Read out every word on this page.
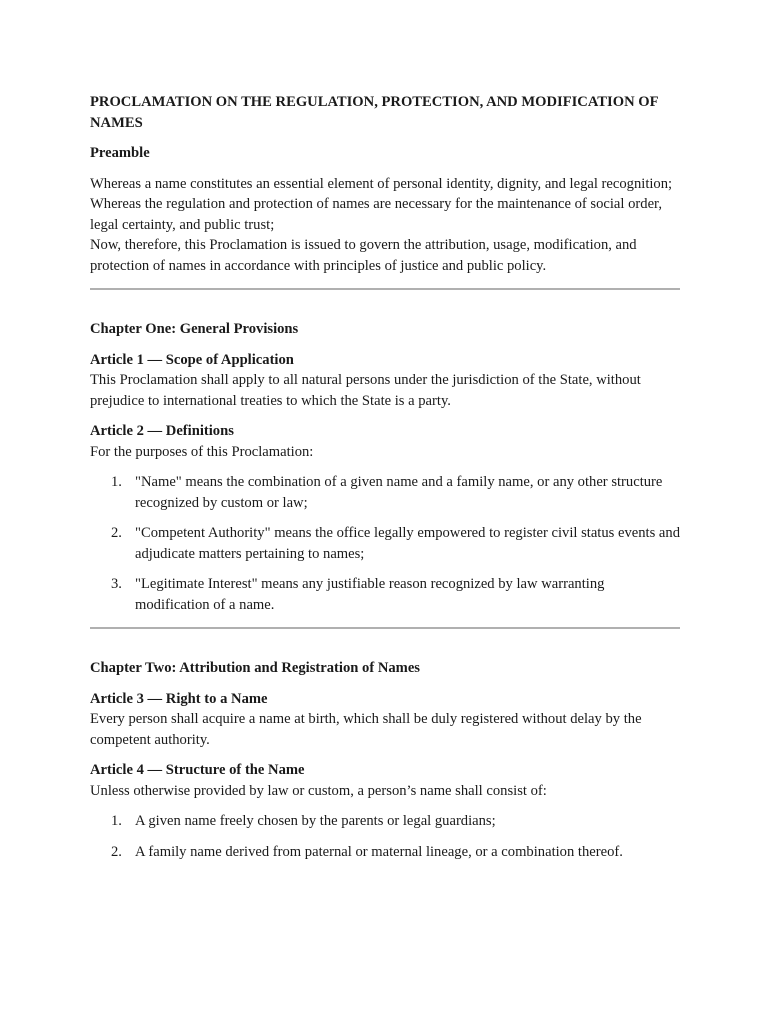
PROCLAMATION ON THE REGULATION, PROTECTION, AND MODIFICATION OF NAMES

Preamble

Whereas a name constitutes an essential element of personal identity, dignity, and legal recognition;
Whereas the regulation and protection of names are necessary for the maintenance of social order, legal certainty, and public trust;
Now, therefore, this Proclamation is issued to govern the attribution, usage, modification, and protection of names in accordance with principles of justice and public policy.

Chapter One: General Provisions

Article 1 — Scope of Application

This Proclamation shall apply to all natural persons under the jurisdiction of the State, without prejudice to international treaties to which the State is a party.

Article 2 — Definitions

For the purposes of this Proclamation:

1. "Name" means the combination of a given name and a family name, or any other structure recognized by custom or law;
2. "Competent Authority" means the office legally empowered to register civil status events and adjudicate matters pertaining to names;
3. "Legitimate Interest" means any justifiable reason recognized by law warranting modification of a name.

Chapter Two: Attribution and Registration of Names

Article 3 — Right to a Name

Every person shall acquire a name at birth, which shall be duly registered without delay by the competent authority.

Article 4 — Structure of the Name

Unless otherwise provided by law or custom, a person’s name shall consist of:

1. A given name freely chosen by the parents or legal guardians;
2. A family name derived from paternal or maternal lineage, or a combination thereof.
